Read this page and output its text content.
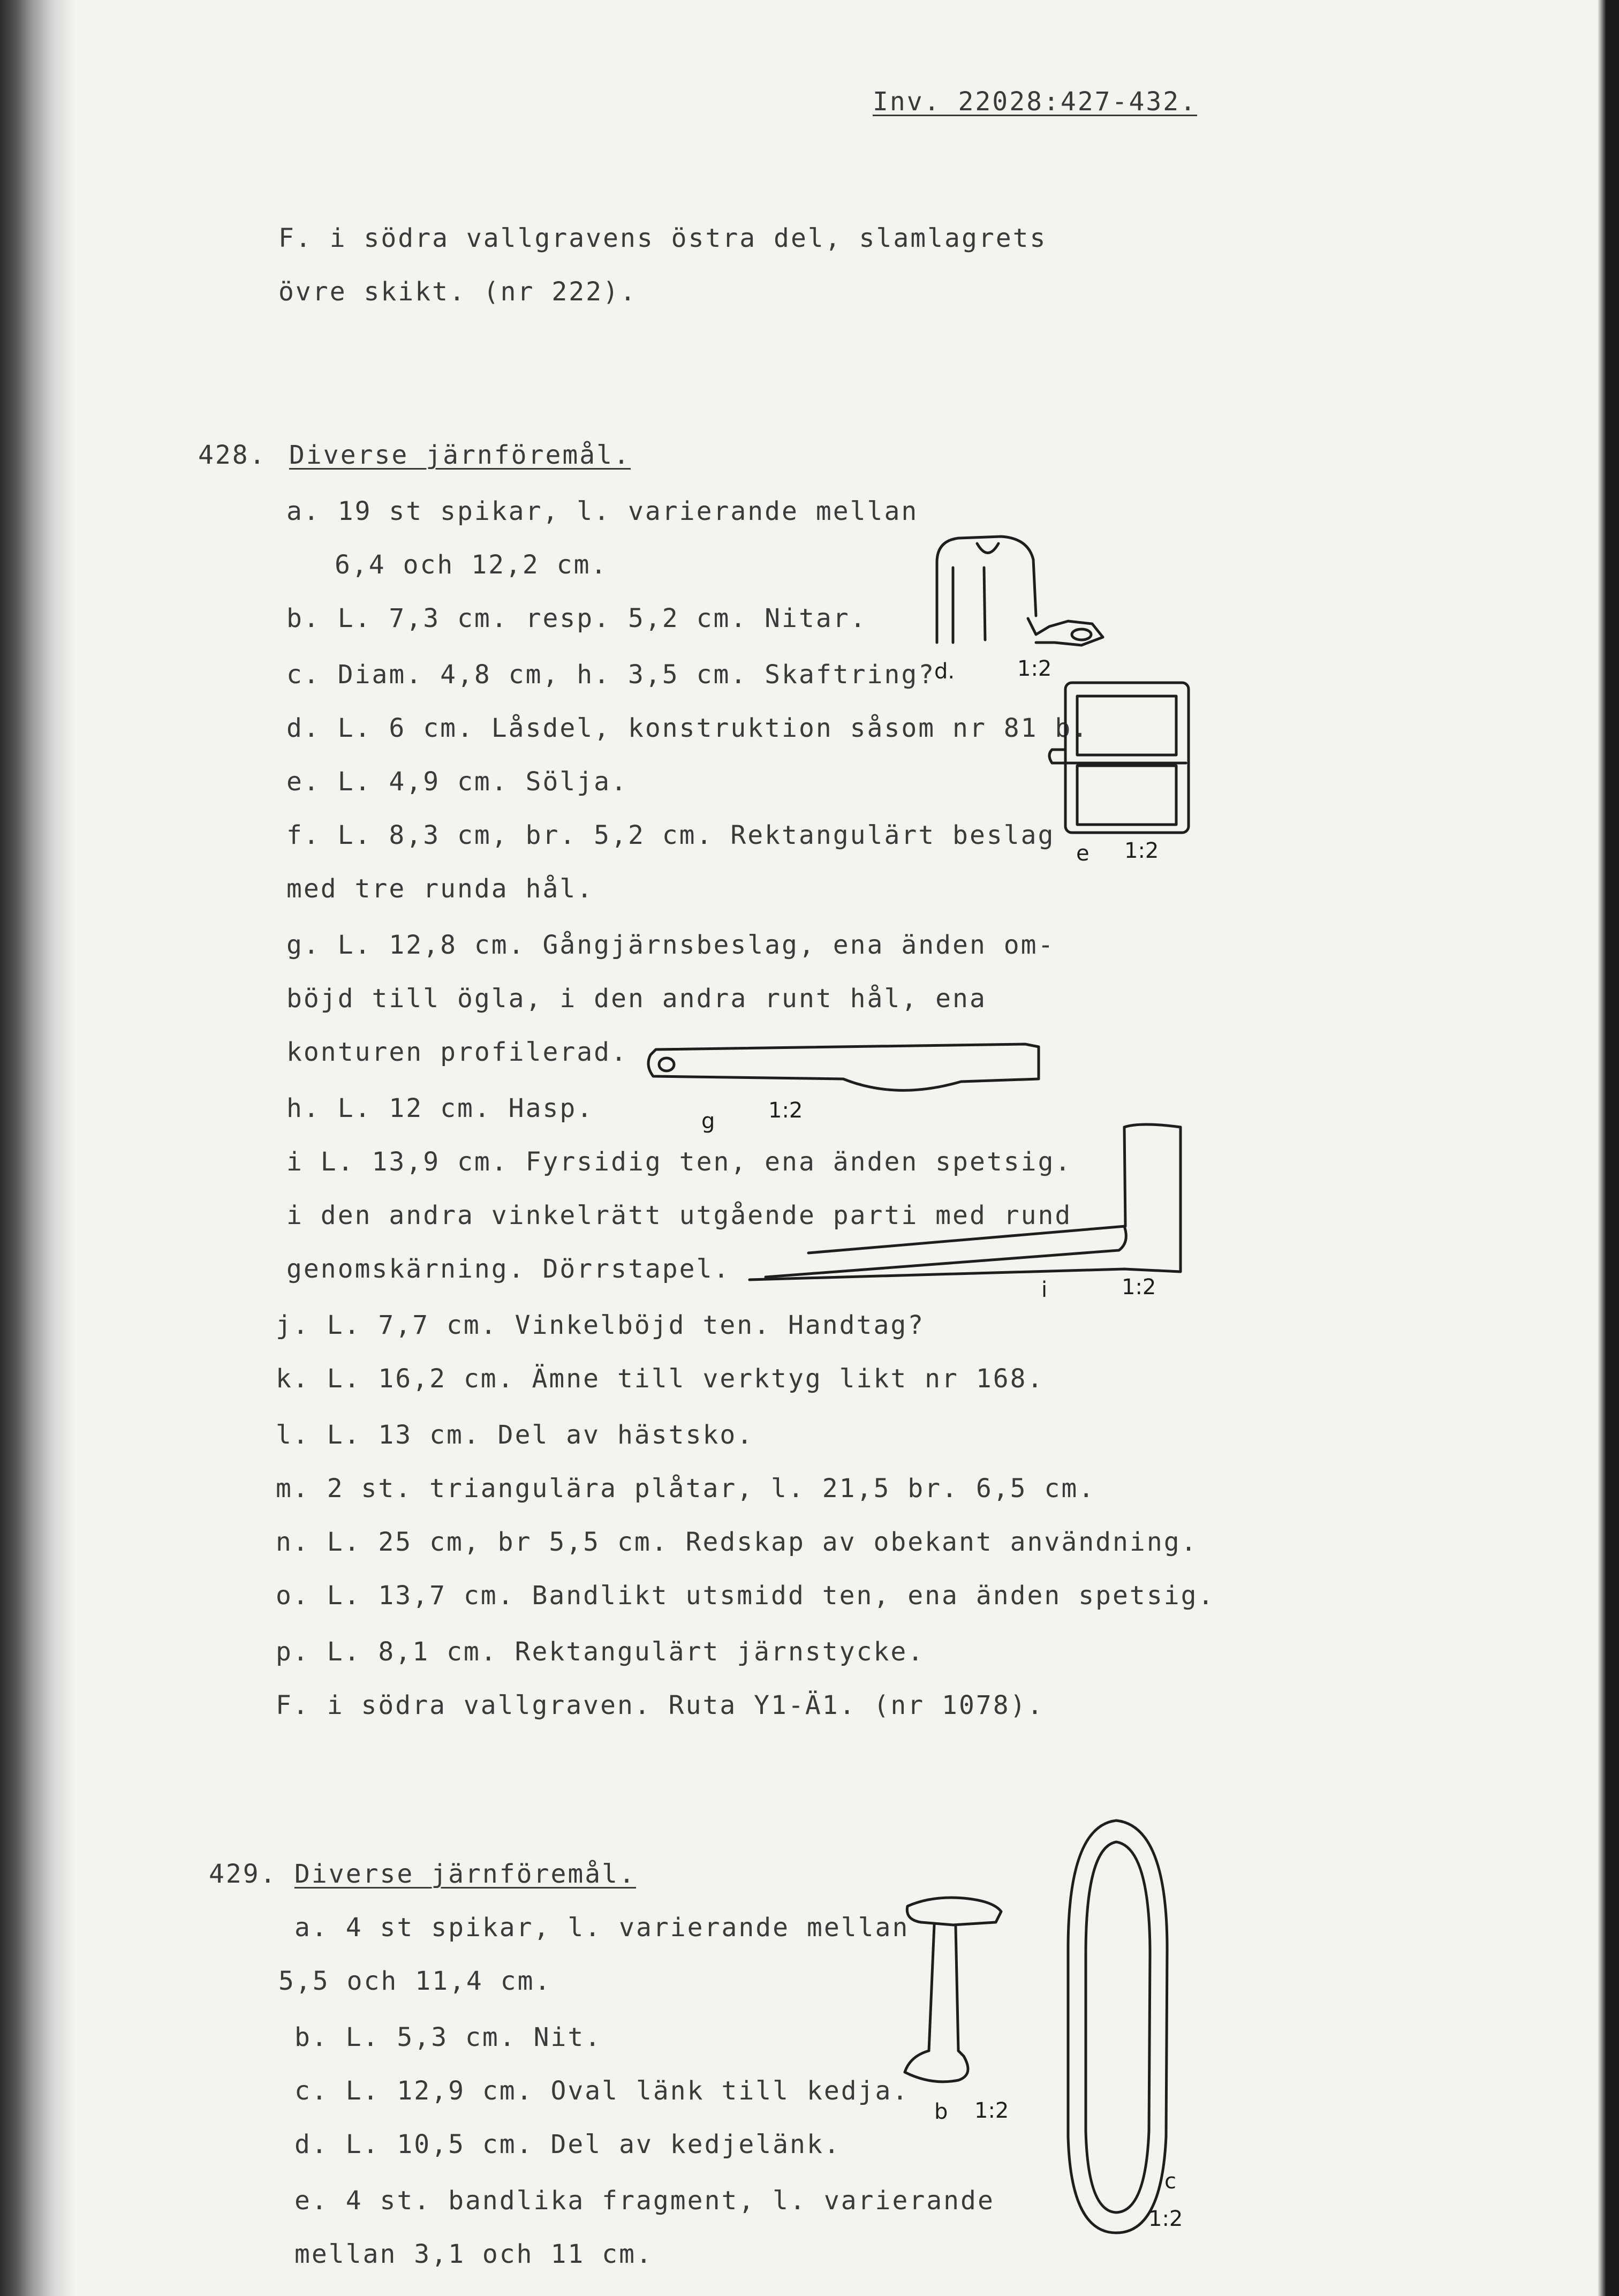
Inv. 22028:427-432.
F. i södra vallgravens östra del, slamlagrets
övre skikt. (nr 222).
428. Diverse järnföremål.
a. 19 st spikar, l. varierande mellan
6,4 och 12,2 cm.
b. L. 7,3 cm. resp. 5,2 cm. Nitar.
c. Diam. 4,8 cm, h. 3,5 cm. Skaftring?
d. L. 6 cm. Låsdel, konstruktion såsom nr 81 b.
e. L. 4,9 cm. Sölja.
f. L. 8,3 cm, br. 5,2 cm. Rektangulärt beslag
med tre runda hål.
g. L. 12,8 cm. Gångjärnsbeslag, ena änden om-
böjd till ögla, i den andra runt hål, ena
konturen profilerad.
h. L. 12 cm. Hasp.
i L. 13,9 cm. Fyrsidig ten, ena änden spetsig.
i den andra vinkelrätt utgående parti med rund
genomskärning. Dörrstapel.
j. L. 7,7 cm. Vinkelböjd ten. Handtag?
k. L. 16,2 cm. Ämne till verktyg likt nr 168.
l. L. 13 cm. Del av hästsko.
m. 2 st. triangulära plåtar, l. 21,5 br. 6,5 cm.
n. L. 25 cm, br 5,5 cm. Redskap av obekant användning.
o. L. 13,7 cm. Bandlikt utsmidd ten, ena änden spetsig.
p. L. 8,1 cm. Rektangulärt järnstycke.
F. i södra vallgraven. Ruta Y1-Ä1. (nr 1078).
429. Diverse järnföremål.
a. 4 st spikar, l. varierande mellan
5,5 och 11,4 cm.
b. L. 5,3 cm. Nit.
c. L. 12,9 cm. Oval länk till kedja.
d. L. 10,5 cm. Del av kedjelänk.
e. 4 st. bandlika fragment, l. varierande
mellan 3,1 och 11 cm.
d.	1:2
e 1:2
g 1:2
i	1:2
b 1:2
c
1:2
